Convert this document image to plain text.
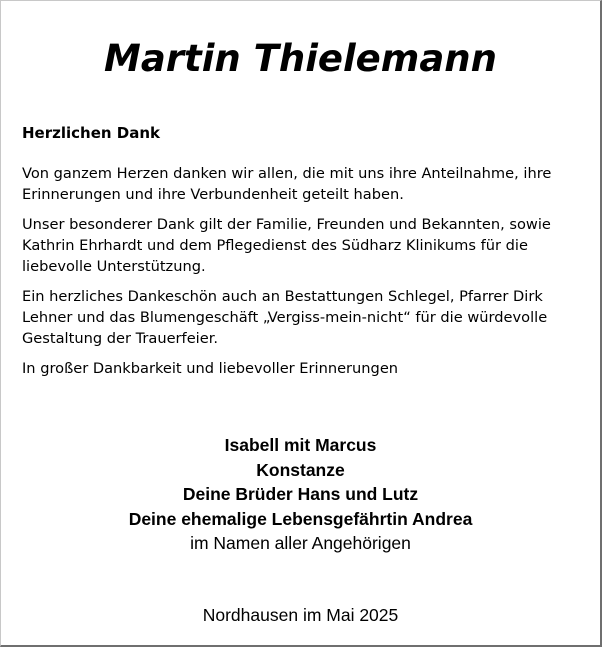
Martin Thielemann

Herzlichen Dank

Von ganzem Herzen danken wir allen, die mit uns ihre Anteilnahme, ihre Erinnerungen und ihre Verbundenheit geteilt haben.

Unser besonderer Dank gilt der Familie, Freunden und Bekannten, sowie Kathrin Ehrhardt und dem Pflegedienst des Südharz Klinikums für die liebevolle Unterstützung.

Ein herzliches Dankeschön auch an Bestattungen Schlegel, Pfarrer Dirk Lehner und das Blumengeschäft „Vergiss-mein-nicht“ für die würdevolle Gestaltung der Trauerfeier.

In großer Dankbarkeit und liebevoller Erinnerungen

Isabell mit Marcus
Konstanze
Deine Brüder Hans und Lutz
Deine ehemalige Lebensgefährtin Andrea
im Namen aller Angehörigen
Nordhausen im Mai 2025
